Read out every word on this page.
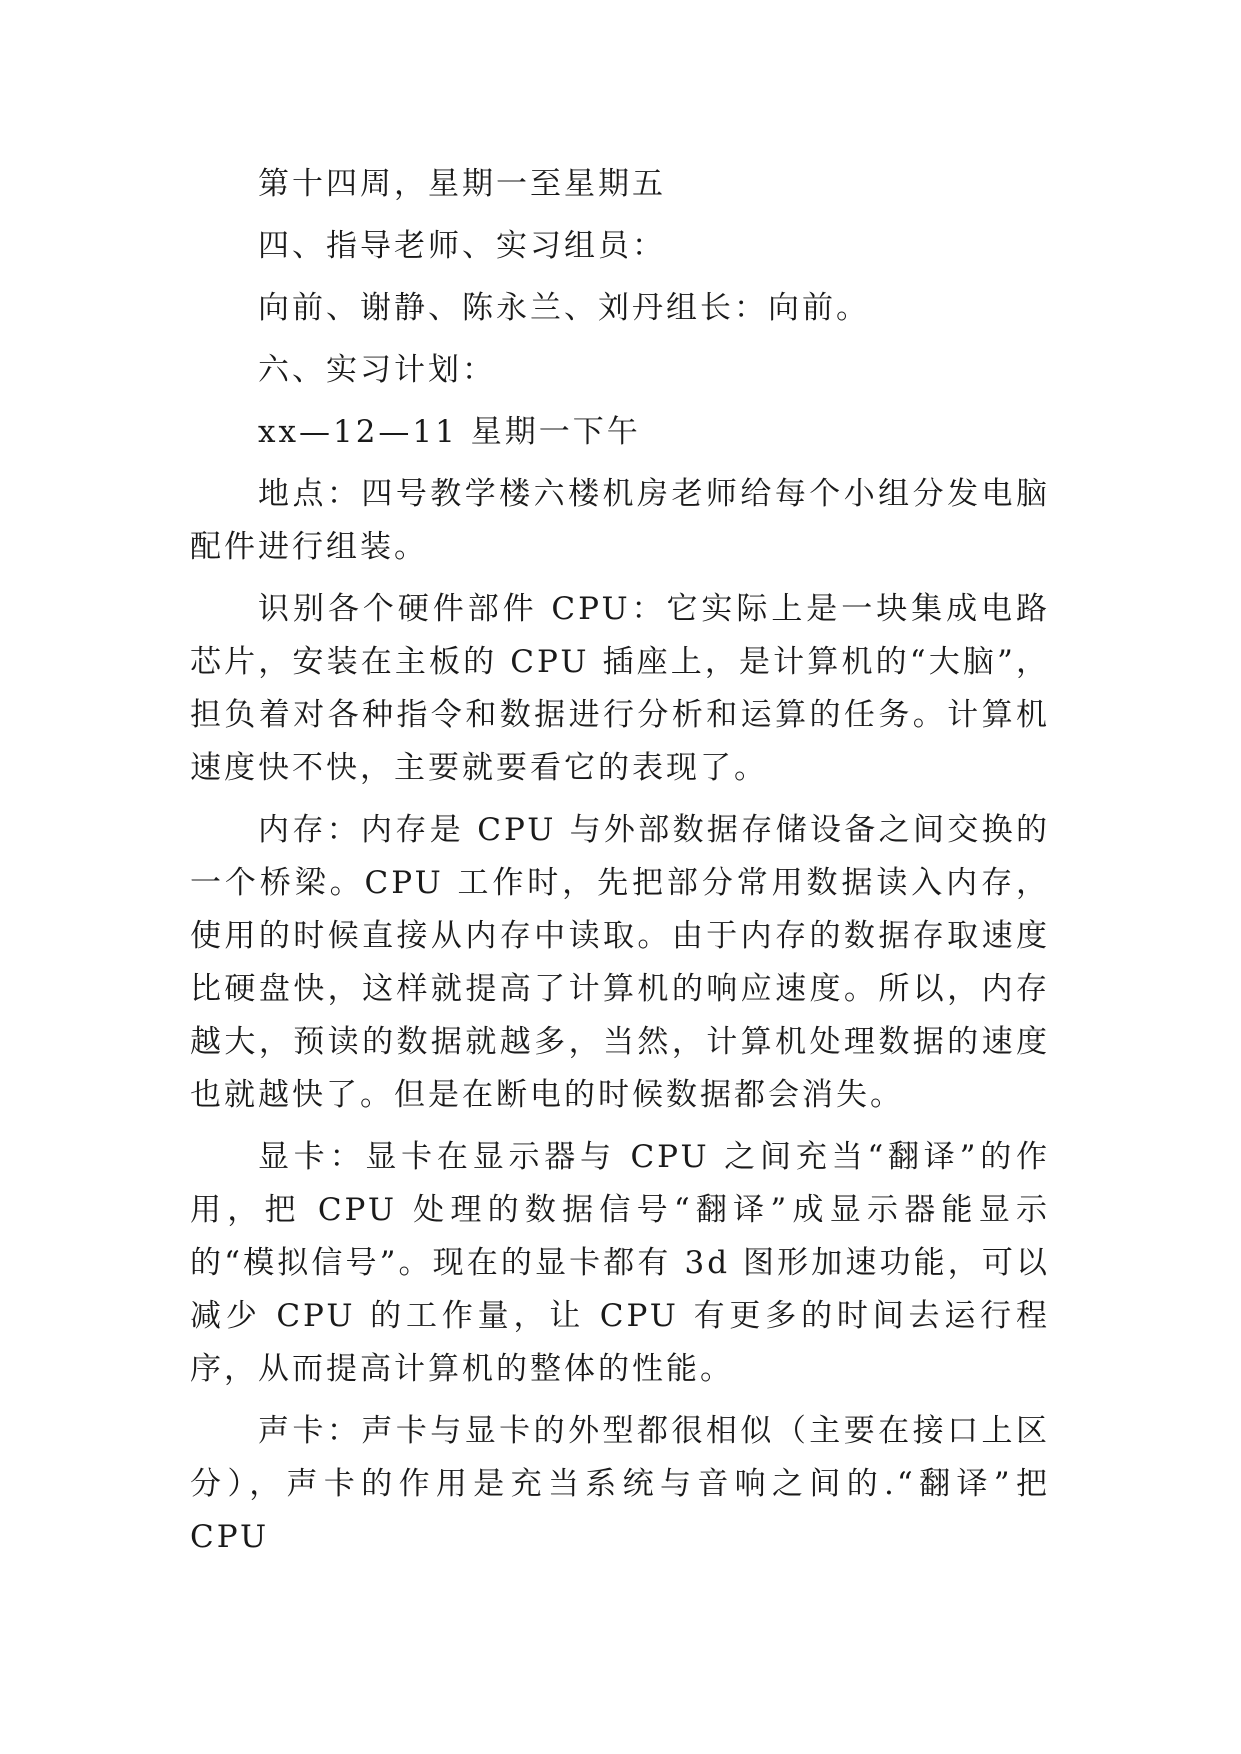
第十四周，星期一至星期五

四、指导老师、实习组员：

向前、谢静、陈永兰、刘丹组长：向前。

六、实习计划：

xx—12—11 星期一下午

地点：四号教学楼六楼机房老师给每个小组分发电脑配件进行组装。

识别各个硬件部件 CPU：它实际上是一块集成电路芯片，安装在主板的 CPU 插座上，是计算机的“大脑”，担负着对各种指令和数据进行分析和运算的任务。计算机速度快不快，主要就要看它的表现了。

内存：内存是 CPU 与外部数据存储设备之间交换的一个桥梁。CPU 工作时，先把部分常用数据读入内存，使用的时候直接从内存中读取。由于内存的数据存取速度比硬盘快，这样就提高了计算机的响应速度。所以，内存越大，预读的数据就越多，当然，计算机处理数据的速度也就越快了。但是在断电的时候数据都会消失。

显卡：显卡在显示器与 CPU 之间充当“翻译”的作用，把 CPU 处理的数据信号“翻译”成显示器能显示的“模拟信号”。现在的显卡都有 3d 图形加速功能，可以减少 CPU 的工作量，让 CPU 有更多的时间去运行程序，从而提高计算机的整体的性能。

声卡：声卡与显卡的外型都很相似（主要在接口上区分），声卡的作用是充当系统与音响之间的.“翻译”把 CPU
